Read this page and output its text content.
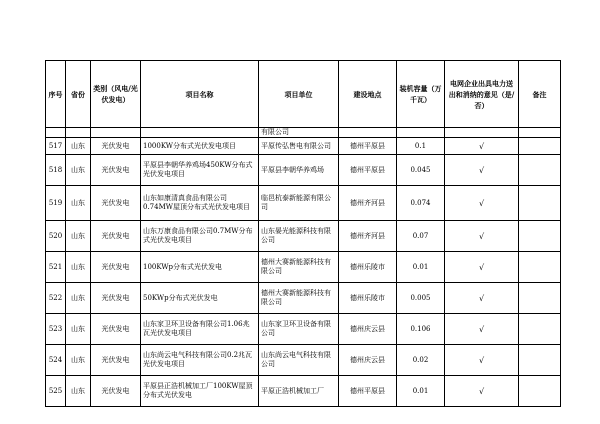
序号	省份	类别（风电/光伏发电）	项目名称	项目单位	建设地点	装机容量（万千瓦）	电网企业出具电力送出和消纳的意见（是/否）	备注
				有限公司				
517	山东	光伏发电	1000KW分布式光伏发电项目	平原传弘售电有限公司	德州平原县	0.1	√	
518	山东	光伏发电	平原县李朝华养鸡场450KW分布式光伏发电项目	平原县李朝华养鸡场	德州平原县	0.045	√	
519	山东	光伏发电	山东如康清真食品有限公司0.74MW屋顶分布式光伏发电项目	临邑杭泰新能源有限公司	德州齐河县	0.074	√	
520	山东	光伏发电	山东万康食品有限公司0.7MW分布式光伏发电项目	山东晏光能源科技有限公司	德州齐河县	0.07	√	
521	山东	光伏发电	100KWp分布式光伏发电	德州大赛新能源科技有限公司	德州乐陵市	0.01	√	
522	山东	光伏发电	50KWp分布式光伏发电	德州大赛新能源科技有限公司	德州乐陵市	0.005	√	
523	山东	光伏发电	山东家卫环卫设备有限公司1.06兆瓦光伏发电项目	山东家卫环卫设备有限公司	德州庆云县	0.106	√	
524	山东	光伏发电	山东尚云电气科技有限公司0.2兆瓦光伏发电项目	山东尚云电气科技有限公司	德州庆云县	0.02	√	
525	山东	光伏发电	平原县正浩机械加工厂100KW屋顶分布式光伏发电	平原正浩机械加工厂	德州平原县	0.01	√	
